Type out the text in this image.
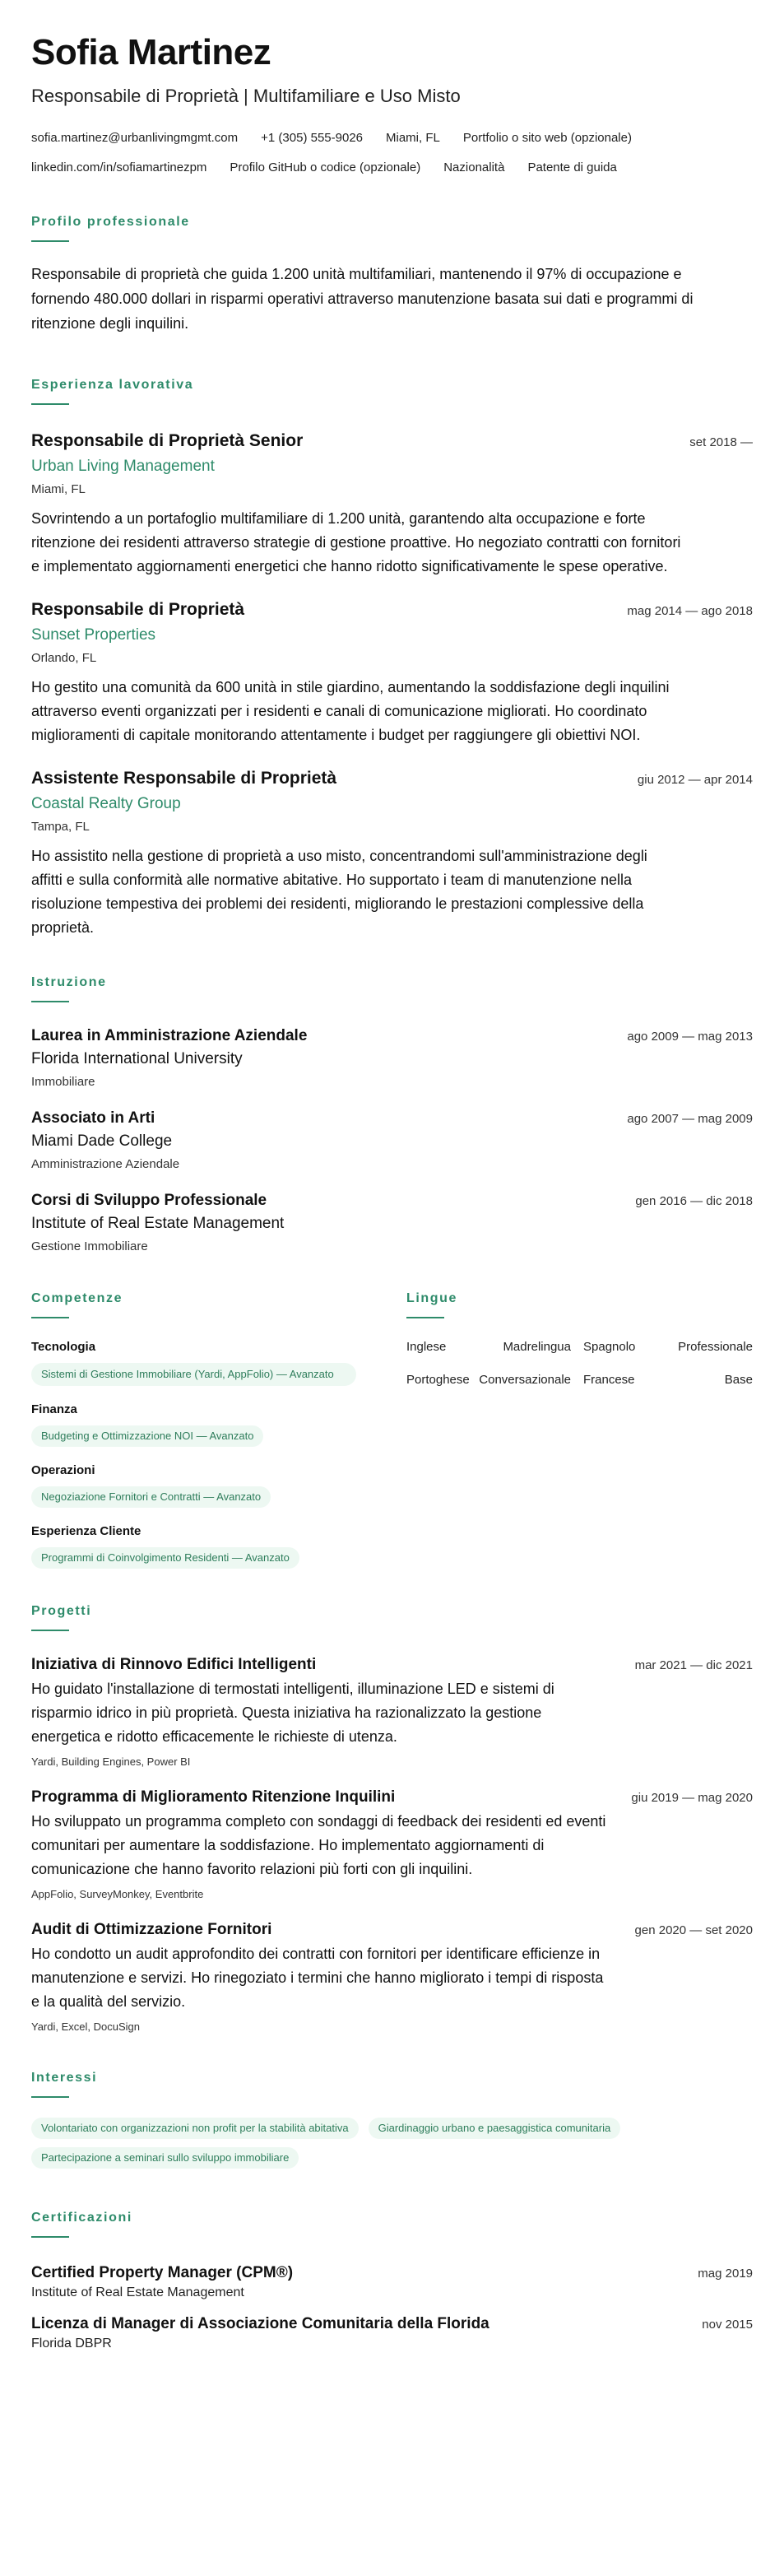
Sofia Martinez
Responsabile di Proprietà | Multifamiliare e Uso Misto
sofia.martinez@urbanlivingmgmt.com +1 (305) 555-9026 Miami, FL Portfolio o sito web (opzionale)
linkedin.com/in/sofiamartinezpm Profilo GitHub o codice (opzionale) Nazionalità Patente di guida
Profilo professionale
Responsabile di proprietà che guida 1.200 unità multifamiliari, mantenendo il 97% di occupazione e fornendo 480.000 dollari in risparmi operativi attraverso manutenzione basata sui dati e programmi di ritenzione degli inquilini.
Esperienza lavorativa
Responsabile di Proprietà Senior	set 2018 —
Urban Living Management
Miami, FL
Sovrintendo a un portafoglio multifamiliare di 1.200 unità, garantendo alta occupazione e forte ritenzione dei residenti attraverso strategie di gestione proattive. Ho negoziato contratti con fornitori e implementato aggiornamenti energetici che hanno ridotto significativamente le spese operative.
Responsabile di Proprietà	mag 2014 — ago 2018
Sunset Properties
Orlando, FL
Ho gestito una comunità da 600 unità in stile giardino, aumentando la soddisfazione degli inquilini attraverso eventi organizzati per i residenti e canali di comunicazione migliorati. Ho coordinato miglioramenti di capitale monitorando attentamente i budget per raggiungere gli obiettivi NOI.
Assistente Responsabile di Proprietà	giu 2012 — apr 2014
Coastal Realty Group
Tampa, FL
Ho assistito nella gestione di proprietà a uso misto, concentrandomi sull'amministrazione degli affitti e sulla conformità alle normative abitative. Ho supportato i team di manutenzione nella risoluzione tempestiva dei problemi dei residenti, migliorando le prestazioni complessive della proprietà.
Istruzione
Laurea in Amministrazione Aziendale	ago 2009 — mag 2013
Florida International University
Immobiliare
Associato in Arti	ago 2007 — mag 2009
Miami Dade College
Amministrazione Aziendale
Corsi di Sviluppo Professionale	gen 2016 — dic 2018
Institute of Real Estate Management
Gestione Immobiliare
Competenze
Tecnologia
Sistemi di Gestione Immobiliare (Yardi, AppFolio) — Avanzato
Finanza
Budgeting e Ottimizzazione NOI — Avanzato
Operazioni
Negoziazione Fornitori e Contratti — Avanzato
Esperienza Cliente
Programmi di Coinvolgimento Residenti — Avanzato
Lingue
Inglese	Madrelingua Spagnolo	Professionale
Portoghese Conversazionale Francese	Base
Progetti
Iniziativa di Rinnovo Edifici Intelligenti	mar 2021 — dic 2021
Ho guidato l'installazione di termostati intelligenti, illuminazione LED e sistemi di risparmio idrico in più proprietà. Questa iniziativa ha razionalizzato la gestione energetica e ridotto efficacemente le richieste di utenza.
Yardi, Building Engines, Power BI
Programma di Miglioramento Ritenzione Inquilini	giu 2019 — mag 2020
Ho sviluppato un programma completo con sondaggi di feedback dei residenti ed eventi comunitari per aumentare la soddisfazione. Ho implementato aggiornamenti di comunicazione che hanno favorito relazioni più forti con gli inquilini.
AppFolio, SurveyMonkey, Eventbrite
Audit di Ottimizzazione Fornitori	gen 2020 — set 2020
Ho condotto un audit approfondito dei contratti con fornitori per identificare efficienze in manutenzione e servizi. Ho rinegoziato i termini che hanno migliorato i tempi di risposta e la qualità del servizio.
Yardi, Excel, DocuSign
Interessi
Volontariato con organizzazioni non profit per la stabilità abitativa	Giardinaggio urbano e paesaggistica comunitaria
Partecipazione a seminari sullo sviluppo immobiliare
Certificazioni
Certified Property Manager (CPM®)	mag 2019
Institute of Real Estate Management
Licenza di Manager di Associazione Comunitaria della Florida	nov 2015
Florida DBPR
